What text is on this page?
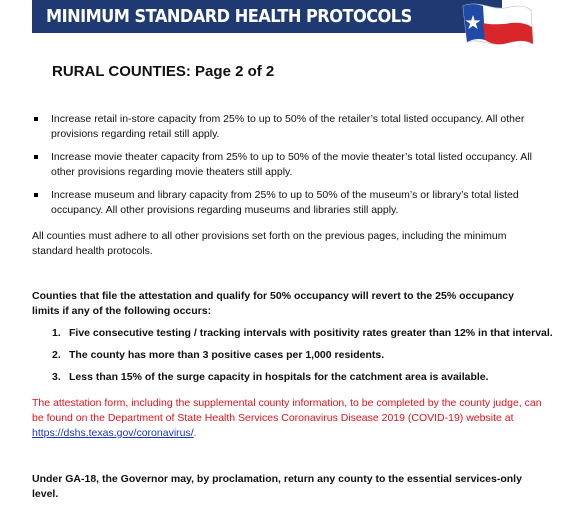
MINIMUM STANDARD HEALTH PROTOCOLS
RURAL COUNTIES: Page 2 of 2
Increase retail in-store capacity from 25% to up to 50% of the retailer’s total listed occupancy. All other provisions regarding retail still apply.
Increase movie theater capacity from 25% to up to 50% of the movie theater’s total listed occupancy. All other provisions regarding movie theaters still apply.
Increase museum and library capacity from 25% to up to 50% of the museum’s or library’s total listed occupancy. All other provisions regarding museums and libraries still apply.

All counties must adhere to all other provisions set forth on the previous pages, including the minimum standard health protocols.

Counties that file the attestation and qualify for 50% occupancy will revert to the 25% occupancy limits if any of the following occurs:

1. Five consecutive testing / tracking intervals with positivity rates greater than 12% in that interval.
2. The county has more than 3 positive cases per 1,000 residents.
3. Less than 15% of the surge capacity in hospitals for the catchment area is available.

The attestation form, including the supplemental county information, to be completed by the county judge, can be found on the Department of State Health Services Coronavirus Disease 2019 (COVID-19) website at https://dshs.texas.gov/coronavirus/.

Under GA-18, the Governor may, by proclamation, return any county to the essential services-only level.
